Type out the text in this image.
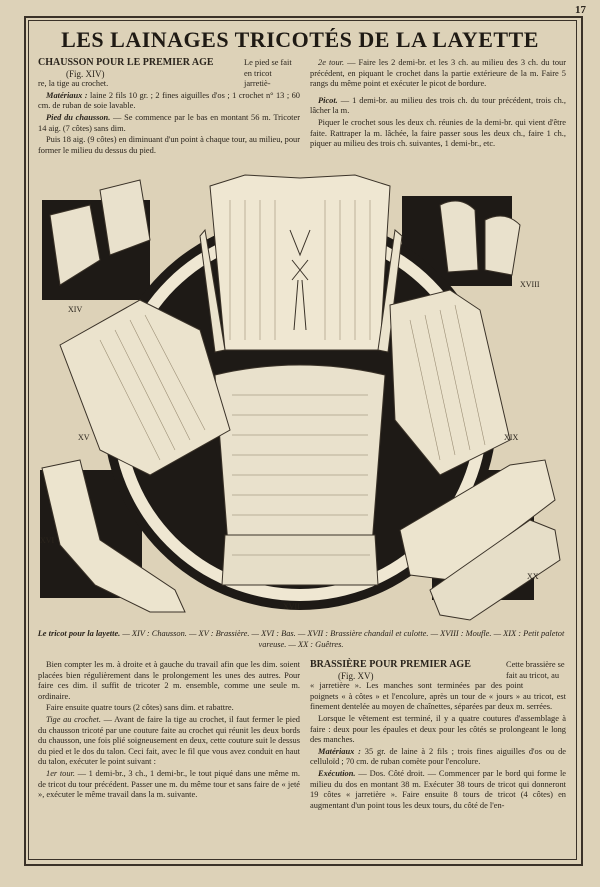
17
LES LAINAGES TRICOTÉS DE LA LAYETTE
Le pied se fait en tricot jarretiè-
CHAUSSON POUR LE PREMIER AGE
(Fig. XIV)

re, la tige au crochet.

Matériaux : laine 2 fils 10 gr. ; 2 fines aiguilles d'os ; 1 crochet n° 13 ; 60 cm. de ruban de soie lavable.

Pied du chausson. — Se commence par le bas en montant 56 m. Tricoter 14 aig. (7 côtes) sans dim.

Puis 18 aig. (9 côtes) en diminuant d'un point à chaque tour, au milieu, pour former le milieu du dessus du pied.

2e tour. — Faire les 2 demi-br. et les 3 ch. au milieu des 3 ch. du tour précédent, en piquant le crochet dans la partie extérieure de la m. Faire 5 rangs du même point et exécuter le picot de bordure.

Picot. — 1 demi-br. au milieu des trois ch. du tour précédent, trois ch., lâcher la m.

Piquer le crochet sous les deux ch. réunies de la demi-br. qui vient d'être faite. Rattraper la m. lâchée, la faire passer sous les deux ch., faire 1 ch., piquer au milieu des trois ch. suivantes, 1 demi-br., etc.

XIV
XV
XVI
XVII
XVIII
XIX
XX
Le tricot pour la layette. — XIV : Chausson. — XV : Brassière. — XVI : Bas. — XVII : Brassière chandail et culotte. — XVIII : Moufle. — XIX : Petit paletot vareuse. — XX : Guêtres.

Bien compter les m. à droite et à gauche du travail afin que les dim. soient placées bien régulièrement dans le prolongement les unes des autres. Pour faire ces dim. il suffit de tricoter 2 m. ensemble, comme une seule m. ordinaire.

Faire ensuite quatre tours (2 côtes) sans dim. et rabattre.

Tige au crochet. — Avant de faire la tige au crochet, il faut fermer le pied du chausson tricoté par une couture faite au crochet qui réunit les deux bords du chausson, une fois plié soigneusement en deux, cette couture suit le dessus du pied et le dos du talon. Ceci fait, avec le fil que vous avez conduit en haut du talon, exécuter le point suivant :

1er tour. — 1 demi-br., 3 ch., 1 demi-br., le tout piqué dans une même m. de tricot du tour précédent. Passer une m. du même tour et sans faire de « jeté », exécuter le même travail dans la m. suivante.

Cette brassière se fait au tricot, au point
BRASSIÈRE POUR PREMIER AGE
(Fig. XV)

« jarretière ». Les manches sont terminées par des poignets « à côtes » et l'encolure, après un tour de « jours » au tricot, est finement dentelée au moyen de chaînettes, séparées par deux m. serrées.

Lorsque le vêtement est terminé, il y a quatre coutures d'assemblage à faire : deux pour les épaules et deux pour les côtés se prolongeant le long des manches.

Matériaux : 35 gr. de laine à 2 fils ; trois fines aiguilles d'os ou de celluloïd ; 70 cm. de ruban comète pour l'encolure.

Exécution. — Dos. Côté droit. — Commencer par le bord qui forme le milieu du dos en montant 38 m. Exécuter 38 tours de tricot qui donneront 19 côtes « jarretière ». Faire ensuite 8 tours de tricot (4 côtes) en augmentant d'un point tous les deux tours, du côté de l'en-
